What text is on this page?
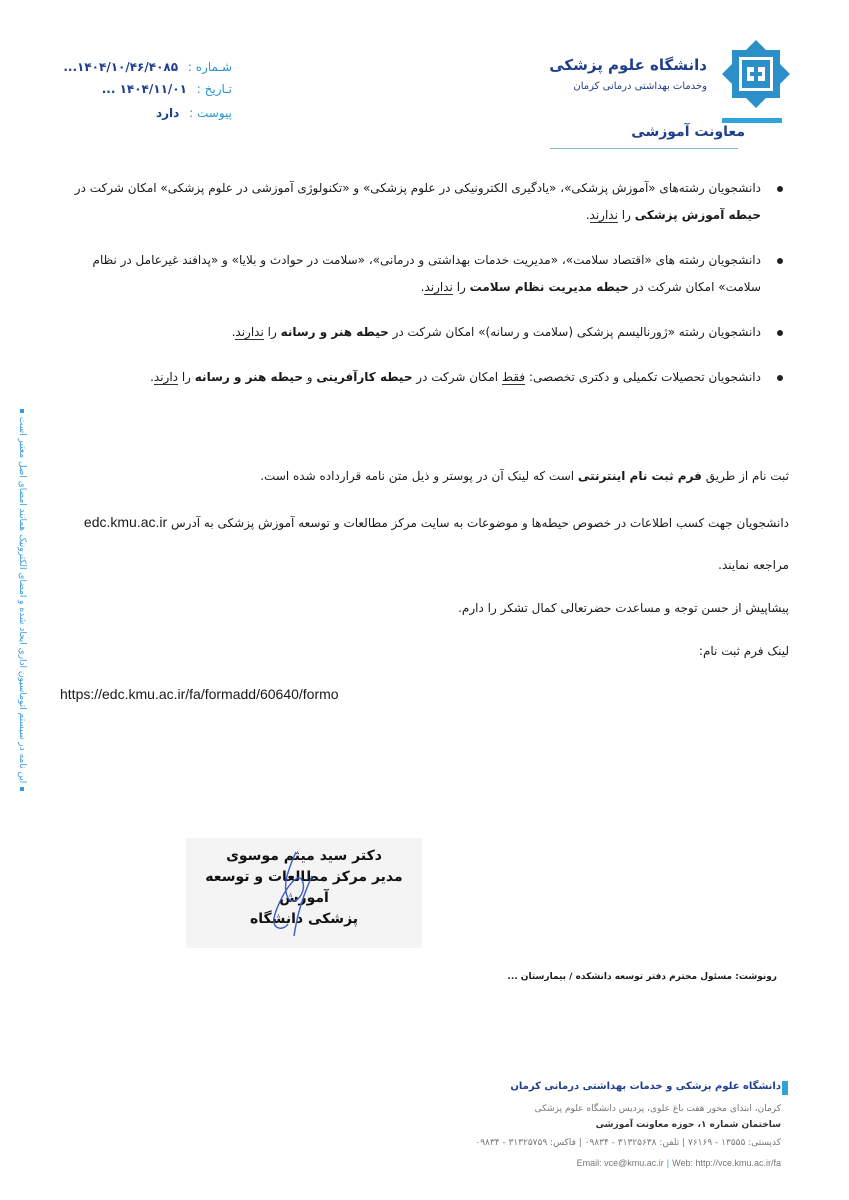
دانشگاه علوم پزشکی
وخدمات بهداشتی درمانی کرمان
معاونت آموزشی
شـماره : ۱۴۰۴/۱۰/۴۶/۴۰۸۵...
تـاریخ : ۱۴۰۴/۱۱/۰۱ ...
پیوست : دارد
دانشجویان رشته‌های «آموزش پزشکی»، «یادگیری الکترونیکی در علوم پزشکی» و «تکنولوژی آموزشی در علوم پزشکی» امکان شرکت در حیطه آموزش پزشکی را ندارند.
دانشجویان رشته های «اقتصاد سلامت»، «مدیریت خدمات بهداشتی و درمانی»، «سلامت در حوادث و بلایا» و «پدافند غیرعامل در نظام سلامت» امکان شرکت در حیطه مدیریت نظام سلامت را ندارند.
دانشجویان رشته «ژورنالیسم پزشکی (سلامت و رسانه)» امکان شرکت در حیطه هنر و رسانه را ندارند.
دانشجویان تحصیلات تکمیلی و دکتری تخصصی: فقط امکان شرکت در حیطه کارآفرینی و حیطه هنر و رسانه را دارند.
ثبت نام از طریق فرم ثبت نام اینترنتی است که لینک آن در پوستر و ذیل متن نامه قرارداده شده است.
دانشجویان جهت کسب اطلاعات در خصوص حیطه‌ها و موضوعات به سایت مرکز مطالعات و توسعه آموزش پزشکی به آدرس edc.kmu.ac.ir
مراجعه نمایند.
پیشاپیش از حسن توجه و مساعدت حضرتعالی کمال تشکر را دارم.
لینک فرم ثبت نام:
https://edc.kmu.ac.ir/fa/formadd/60640/formo
این نامه در سیستم اتوماسیون اداری ایجاد شده و امضای الکترونیک همانند امضای اصل معتبر است
دکتر سید میثم موسوی
مدیر مرکز مطالعات و توسعه آموزش
پزشکی دانشگاه
رونوشت: مسئول محترم دفتر توسعه دانشکده / بیمارستان ...
دانشگاه علوم پزشکی و خدمات بهداشتی درمانی کرمان
کرمان، ابتدای محور هفت باغ علوی، پردیس دانشگاه علوم پزشکی
ساختمان شماره ۱، حوزه معاونت آموزشی
کدپستی: ۱۳۵۵۵ - ۷۶۱۶۹ | تلفن: ۳۱۳۲۵۶۳۸ - ۰۹۸۳۴ | فاکس: ۳۱۳۲۵۷۵۹ - ۰۹۸۳۴
Email: vce@kmu.ac.ir | Web: http://vce.kmu.ac.ir/fa
